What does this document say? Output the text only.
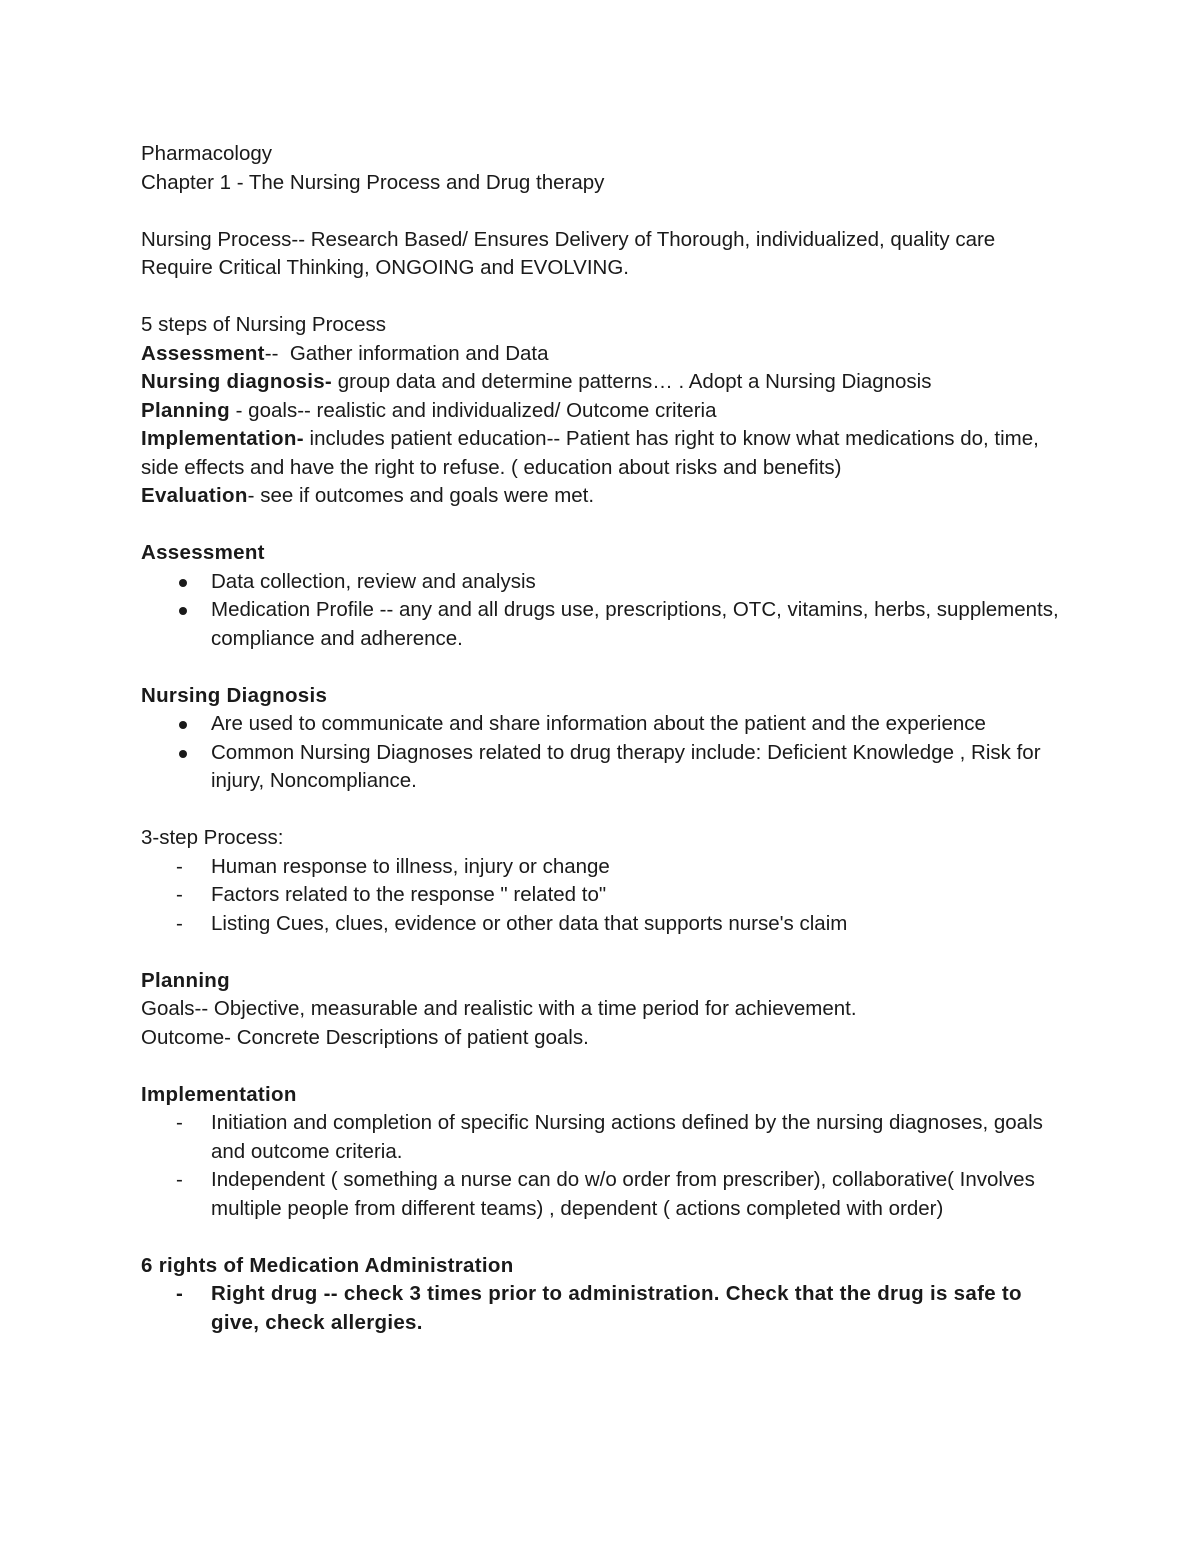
Pharmacology

Chapter 1 - The Nursing Process and Drug therapy

Nursing Process-- Research Based/ Ensures Delivery of Thorough, individualized, quality care

Require Critical Thinking, ONGOING and EVOLVING.

5 steps of Nursing Process

Assessment--  Gather information and Data

Nursing diagnosis- group data and determine patterns… . Adopt a Nursing Diagnosis

Planning - goals-- realistic and individualized/ Outcome criteria

Implementation- includes patient education-- Patient has right to know what medications do, time, side effects and have the right to refuse. ( education about risks and benefits)

Evaluation- see if outcomes and goals were met.

Assessment

Data collection, review and analysis
Medication Profile -- any and all drugs use, prescriptions, OTC, vitamins, herbs, supplements, compliance and adherence.

Nursing Diagnosis

Are used to communicate and share information about the patient and the experience
Common Nursing Diagnoses related to drug therapy include: Deficient Knowledge , Risk for injury, Noncompliance.

3-step Process:

- Human response to illness, injury or change
- Factors related to the response " related to"
- Listing Cues, clues, evidence or other data that supports nurse's claim

Planning

Goals-- Objective, measurable and realistic with a time period for achievement.

Outcome- Concrete Descriptions of patient goals.

Implementation

- Initiation and completion of specific Nursing actions defined by the nursing diagnoses, goals and outcome criteria.
- Independent ( something a nurse can do w/o order from prescriber), collaborative( Involves multiple people from different teams) , dependent ( actions completed with order)

6 rights of Medication Administration

- Right drug -- check 3 times prior to administration. Check that the drug is safe to give, check allergies.
